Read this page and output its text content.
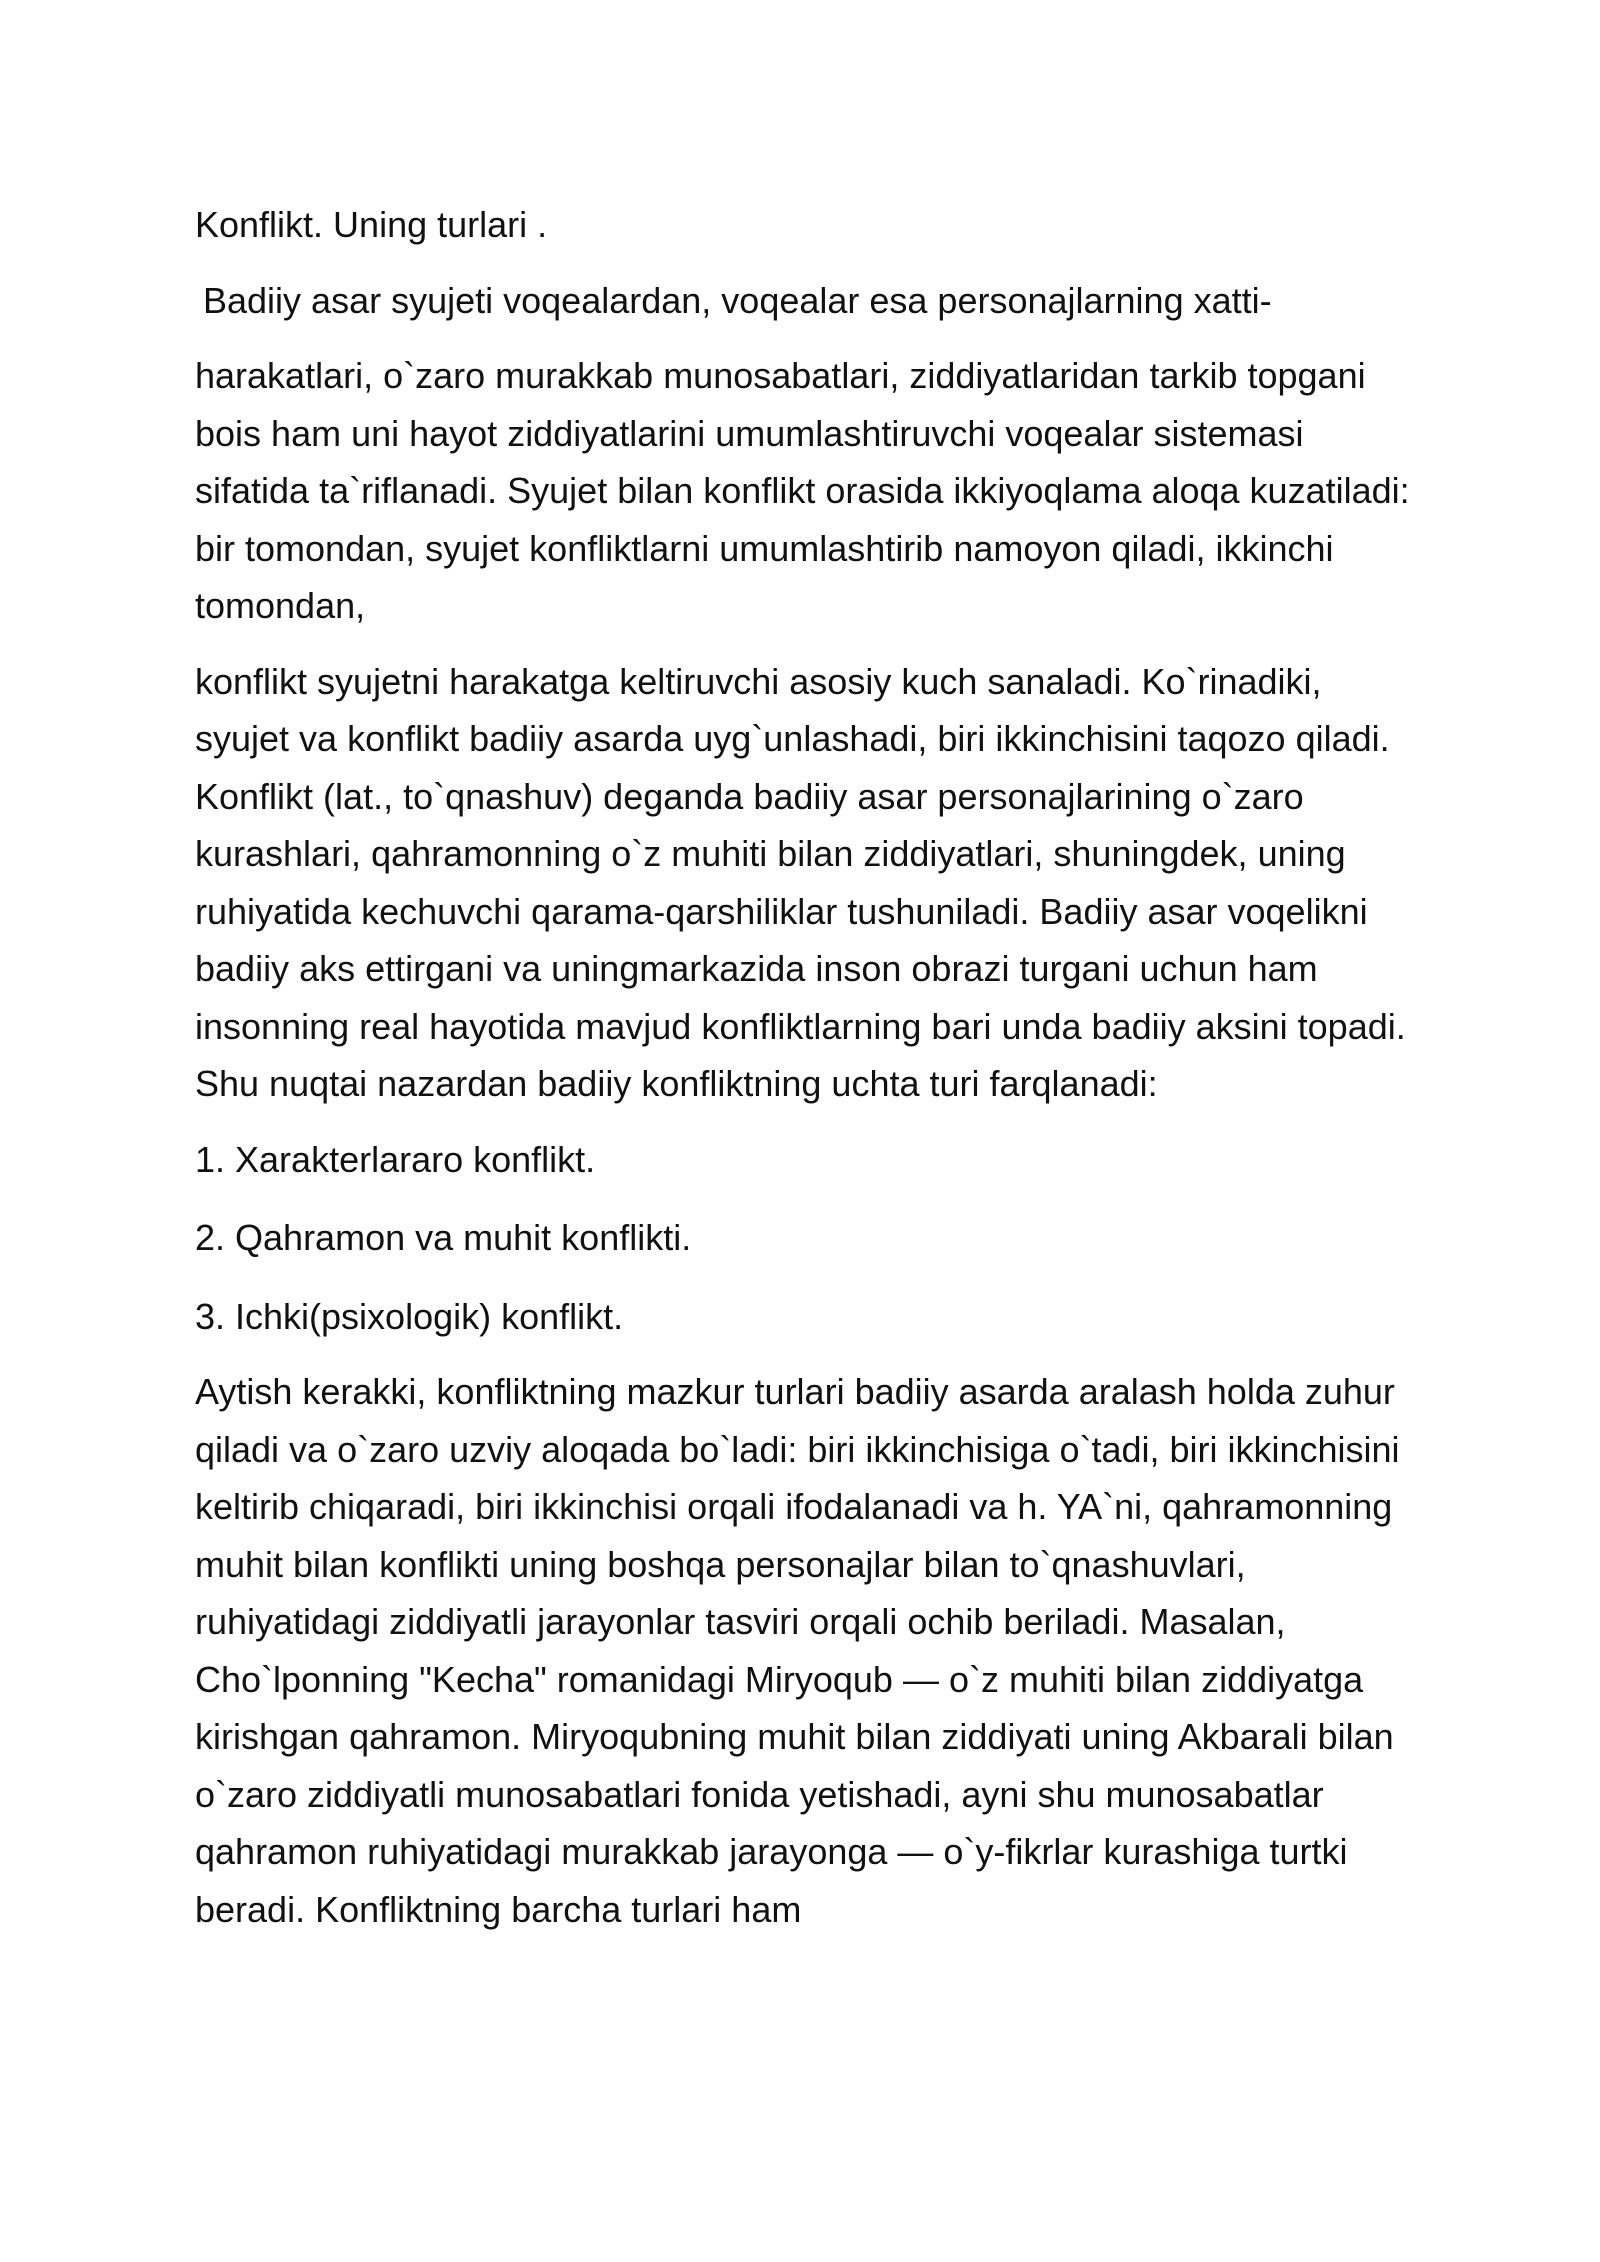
Konflikt. Uning turlari .

Badiiy asar syujeti voqealardan, voqealar esa personajlarning xatti-

harakatlari, o`zaro murakkab munosabatlari, ziddiyatlaridan tarkib topgani bois ham uni hayot ziddiyatlarini umumlashtiruvchi voqealar sistemasi sifatida ta`riflanadi. Syujet bilan konflikt orasida ikkiyoqlama aloqa kuzatiladi: bir tomondan, syujet konfliktlarni umumlashtirib namoyon qiladi, ikkinchi tomondan,

konflikt syujetni harakatga keltiruvchi asosiy kuch sanaladi. Ko`rinadiki, syujet va konflikt badiiy asarda uyg`unlashadi, biri ikkinchisini taqozo qiladi. Konflikt (lat., to`qnashuv) deganda badiiy asar personajlarining o`zaro kurashlari, qahramonning o`z muhiti bilan ziddiyatlari, shuningdek, uning ruhiyatida kechuvchi qarama-qarshiliklar tushuniladi. Badiiy asar voqelikni badiiy aks ettirgani va uningmarkazida inson obrazi turgani uchun ham insonning real hayotida mavjud konfliktlarning bari unda badiiy aksini topadi. Shu nuqtai nazardan badiiy konfliktning uchta turi farqlanadi:

1. Xarakterlararo konflikt.

2. Qahramon va muhit konflikti.

3. Ichki(psixologik) konflikt.

Aytish kerakki, konfliktning mazkur turlari badiiy asarda aralash holda zuhur qiladi va o`zaro uzviy aloqada bo`ladi: biri ikkinchisiga o`tadi, biri ikkinchisini keltirib chiqaradi, biri ikkinchisi orqali ifodalanadi va h. YA`ni, qahramonning muhit bilan konflikti uning boshqa personajlar bilan to`qnashuvlari, ruhiyatidagi ziddiyatli jarayonlar tasviri orqali ochib beriladi. Masalan, Cho`lponning "Kecha" romanidagi Miryoqub — o`z muhiti bilan ziddiyatga kirishgan qahramon. Miryoqubning muhit bilan ziddiyati uning Akbarali bilan o`zaro ziddiyatli munosabatlari fonida yetishadi, ayni shu munosabatlar qahramon ruhiyatidagi murakkab jarayonga — o`y-fikrlar kurashiga turtki beradi. Konfliktning barcha turlari ham
